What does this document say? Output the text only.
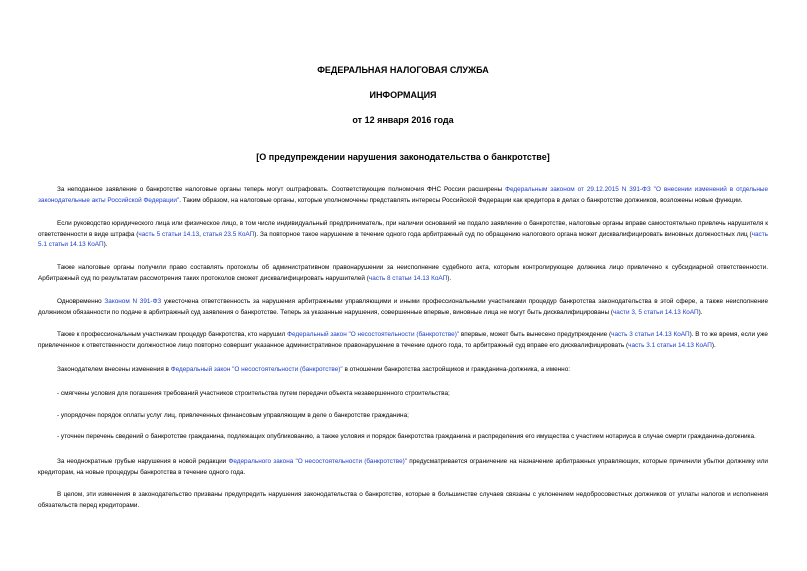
ФЕДЕРАЛЬНАЯ НАЛОГОВАЯ СЛУЖБА

ИНФОРМАЦИЯ

от 12 января 2016 года

[О предупреждении нарушения законодательства о банкротстве]

За неподанное заявление о банкротстве налоговые органы теперь могут оштрафовать. Соответствующие полномочия ФНС России расширены Федеральным законом от 29.12.2015 N 391-ФЗ "О внесении изменений в отдельные законодательные акты Российской Федерации". Таким образом, на налоговые органы, которые уполномочены представлять интересы Российской Федерации как кредитора в делах о банкротстве должников, возложены новые функции.

Если руководство юридического лица или физическое лицо, в том числе индивидуальный предприниматель, при наличии оснований не подало заявление о банкротстве, налоговые органы вправе самостоятельно привлечь нарушителя к ответственности в виде штрафа (часть 5 статьи 14.13, статья 23.5 КоАП). За повторное такое нарушение в течение одного года арбитражный суд по обращению налогового органа может дисквалифицировать виновных должностных лиц (часть 5.1 статьи 14.13 КоАП).

Также налоговые органы получили право составлять протоколы об административном правонарушении за неисполнение судебного акта, которым контролирующее должника лицо привлечено к субсидиарной ответственности. Арбитражный суд по результатам рассмотрения таких протоколов сможет дисквалифицировать нарушителей (часть 8 статьи 14.13 КоАП).

Одновременно Законом N 391-ФЗ ужесточена ответственность за нарушения арбитражными управляющими и иными профессиональными участниками процедур банкротства законодательства в этой сфере, а также неисполнение должником обязанности по подаче в арбитражный суд заявления о банкротстве. Теперь за указанные нарушения, совершенные впервые, виновные лица не могут быть дисквалифицированы (части 3, 5 статьи 14.13 КоАП).

Также к профессиональным участникам процедур банкротства, кто нарушил Федеральный закон "О несостоятельности (банкротстве)" впервые, может быть вынесено предупреждение (часть 3 статьи 14.13 КоАП). В то же время, если уже привлеченное к ответственности должностное лицо повторно совершит указанное административное правонарушение в течение одного года, то арбитражный суд вправе его дисквалифицировать (часть 3.1 статьи 14.13 КоАП).

Законодателем внесены изменения в Федеральный закон "О несостоятельности (банкротстве)" в отношении банкротства застройщиков и гражданина-должника, а именно:

- смягчены условия для погашения требований участников строительства путем передачи объекта незавершенного строительства;

- упорядочен порядок оплаты услуг лиц, привлеченных финансовым управляющим в деле о банкротстве гражданина;

- уточнен перечень сведений о банкротстве гражданина, подлежащих опубликованию, а также условия и порядок банкротства гражданина и распределения его имущества с участием нотариуса в случае смерти гражданина-должника.

За неоднократные грубые нарушения в новой редакции Федерального закона "О несостоятельности (банкротстве)" предусматривается ограничение на назначение арбитражных управляющих, которые причинили убытки должнику или кредиторам, на новые процедуры банкротства в течение одного года.

В целом, эти изменения в законодательство призваны предупредить нарушения законодательства о банкротстве, которые в большинстве случаев связаны с уклонением недобросовестных должников от уплаты налогов и исполнения обязательств перед кредиторами.
